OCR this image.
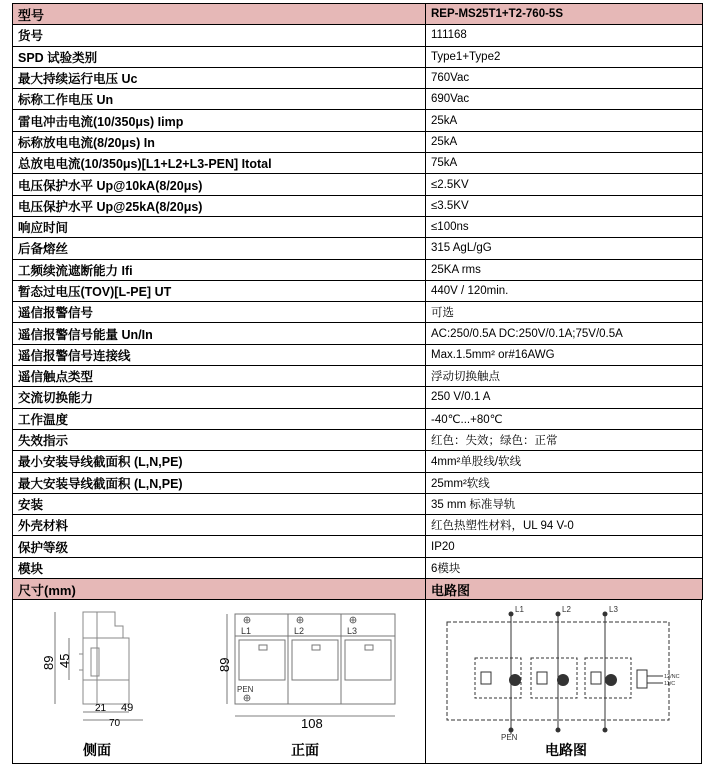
型号	REP-MS25T1+T2-760-5S
货号	111168
SPD 试验类别	Type1+Type2
最大持续运行电压 Uc	760Vac
标称工作电压 Un	690Vac
雷电冲击电流(10/350μs) Iimp	25kA
标称放电电流(8/20μs) In	25kA
总放电电流(10/350μs)[L1+L2+L3-PEN] Itotal	75kA
电压保护水平 Up@10kA(8/20μs)	≤2.5KV
电压保护水平 Up@25kA(8/20μs)	≤3.5KV
响应时间	≤100ns
后备熔丝	315 AgL/gG
工频续流遮断能力 Ifi	25KA rms
暂态过电压(TOV)[L-PE] UT	440V / 120min.
遥信报警信号	可选
遥信报警信号能量 Un/In	AC:250/0.5A DC:250V/0.1A;75V/0.5A
遥信报警信号连接线	Max.1.5mm² or#16AWG
遥信触点类型	浮动切换触点
交流切换能力	250 V/0.1 A
工作温度	-40℃...+80℃
失效指示	红色：失效；绿色：正常
最小安装导线截面积 (L,N,PE)	4mm²单股线/软线
最大安装导线截面积 (L,N,PE)	25mm²软线
安装	35 mm 标准导轨
外壳材料	红色热塑性材料，UL 94 V-0
保护等级	IP20
模块	6模块
尺寸(mm)	电路图
89 45
21 49
70
L1	L2	L3
PEN
89
108
L1	L2	L3
PEN
12/NC
11/C
侧面	正面	电路图
